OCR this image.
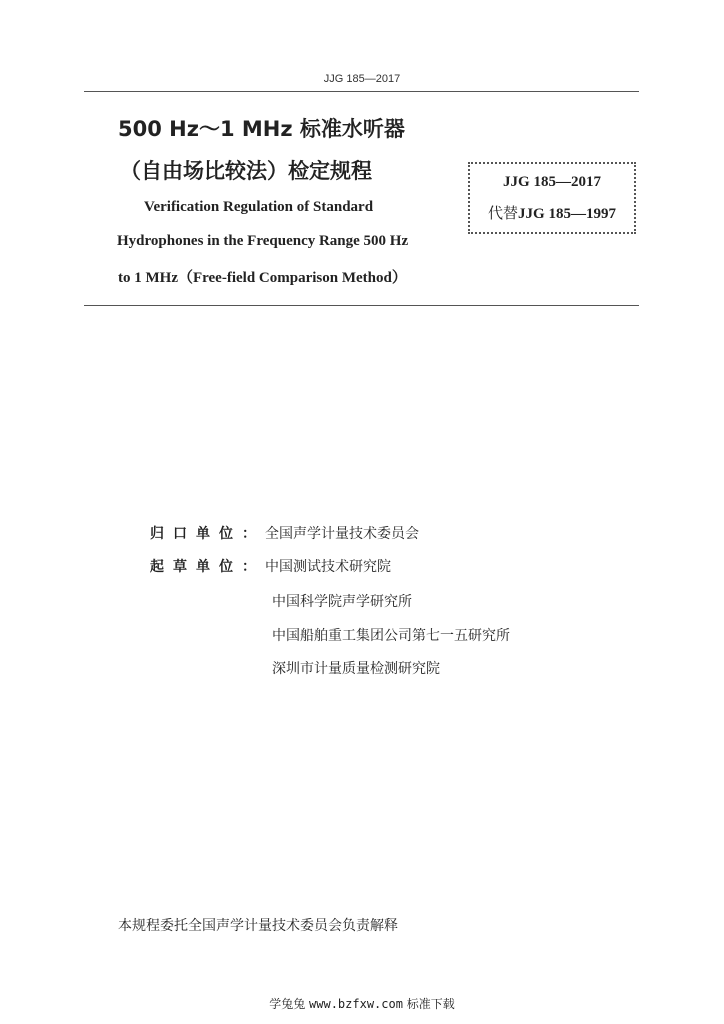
JJG 185—2017
500 Hz～1 MHz 标准水听器
（自由场比较法）检定规程
Verification Regulation of Standard
Hydrophones in the Frequency Range 500 Hz
to 1 MHz（Free-field Comparison Method）
JJG 185—2017
代替JJG 185—1997
归口单位：全国声学计量技术委员会
起草单位：中国测试技术研究院
中国科学院声学研究所
中国船舶重工集团公司第七一五研究所
深圳市计量质量检测研究院
本规程委托全国声学计量技术委员会负责解释
学兔兔 www.bzfxw.com 标准下载
